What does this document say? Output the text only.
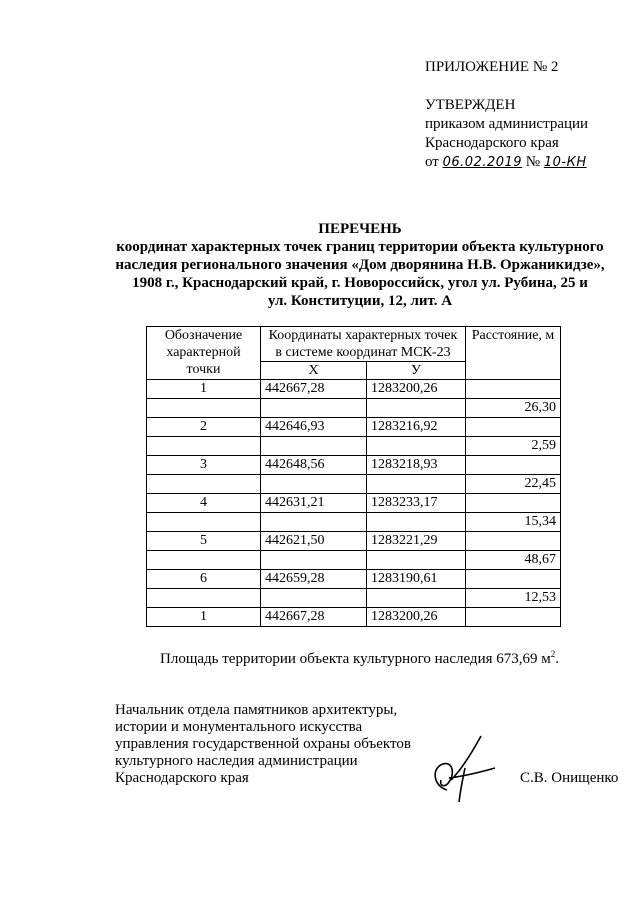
ПРИЛОЖЕНИЕ № 2
УТВЕРЖДЕН
приказом администрации
Краснодарского края
от 06.02.2019 № 10-КН
ПЕРЕЧЕНЬ
координат характерных точек границ территории объекта культурного
наследия регионального значения «Дом дворянина Н.В. Оржаникидзе»,
1908 г., Краснодарский край, г. Новороссийск, угол ул. Рубина, 25 и
ул. Конституции, 12, лит. А
Обозначение характерной точки	Координаты характерных точек в системе координат МСК-23		Расстояние, м
	Х	У	
1	442667,28	1283200,26	
			26,30
2	442646,93	1283216,92	
			2,59
3	442648,56	1283218,93	
			22,45
4	442631,21	1283233,17	
			15,34
5	442621,50	1283221,29	
			48,67
6	442659,28	1283190,61	
			12,53
1	442667,28	1283200,26	
Площадь территории объекта культурного наследия 673,69 $м^2$.
Начальник отдела памятников архитектуры,
истории и монументального искусства
управления государственной охраны объектов
культурного наследия администрации
Краснодарского края	С.В. Онищенко
